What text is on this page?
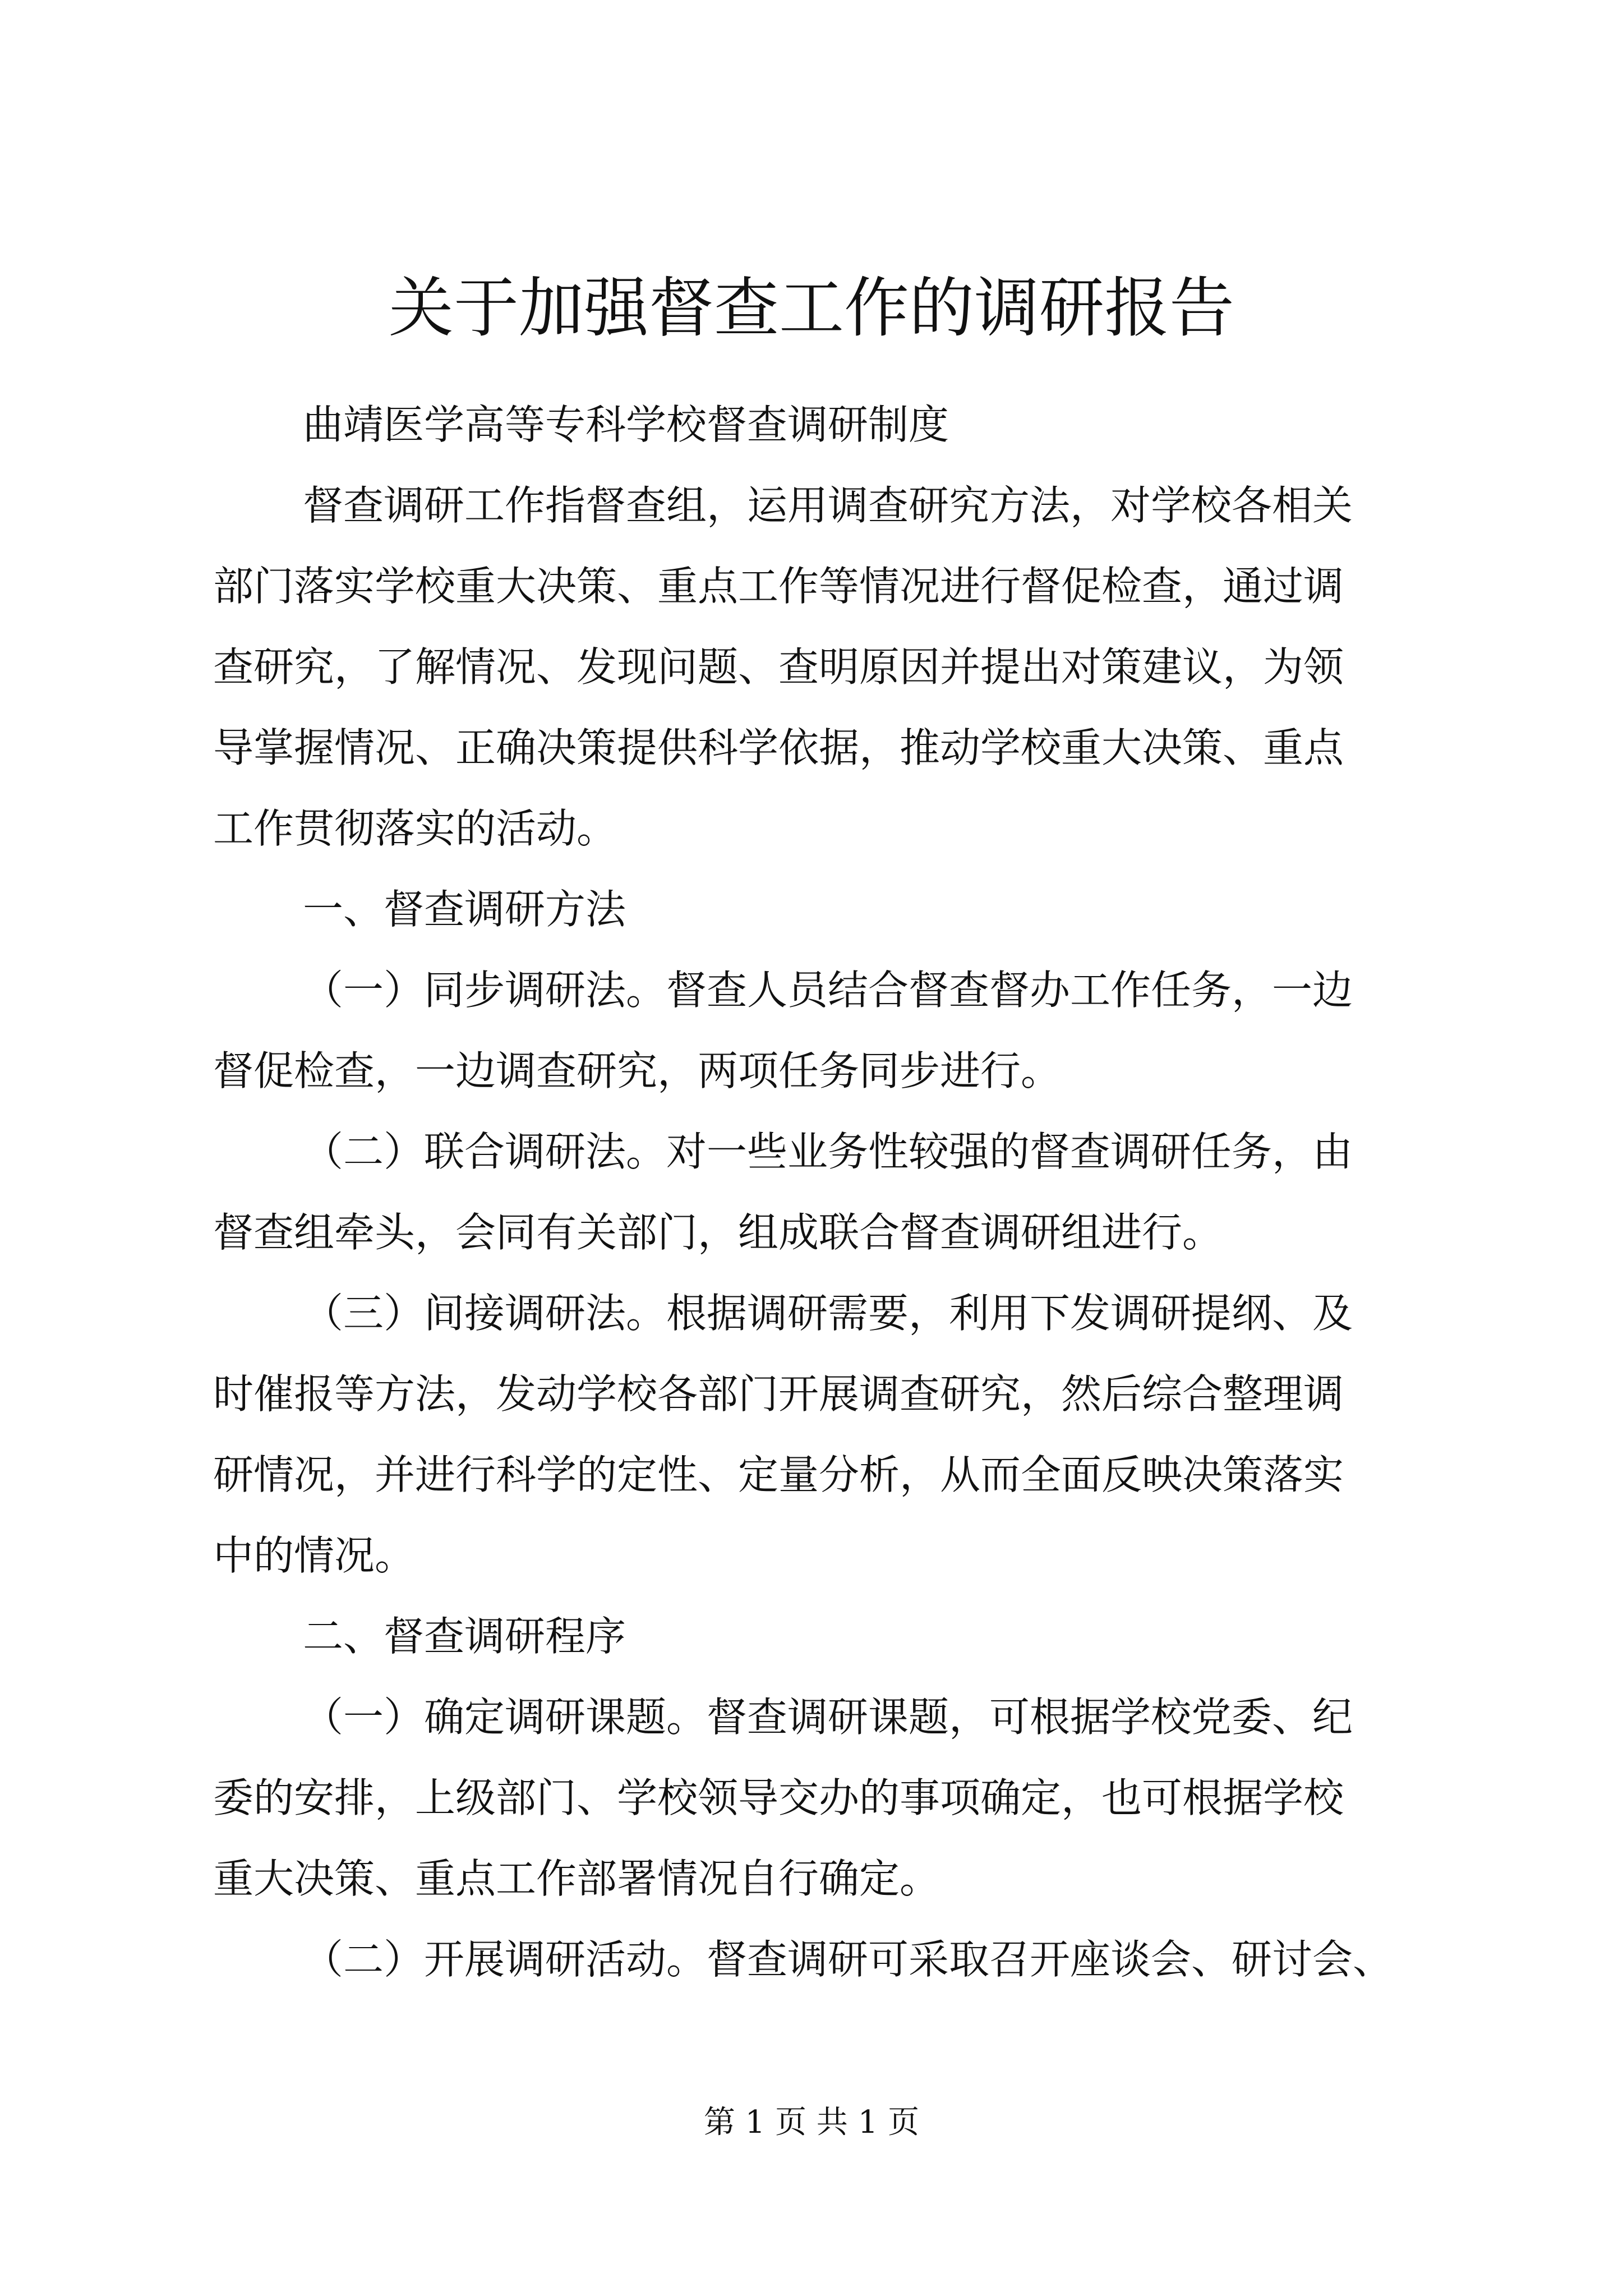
关于加强督查工作的调研报告

曲靖医学高等专科学校督查调研制度

督查调研工作指督查组，运用调查研究方法，对学校各相关

部门落实学校重大决策、重点工作等情况进行督促检查，通过调

查研究，了解情况、发现问题、查明原因并提出对策建议，为领

导掌握情况、正确决策提供科学依据，推动学校重大决策、重点

工作贯彻落实的活动。

一、督查调研方法

（一）同步调研法。督查人员结合督查督办工作任务，一边

督促检查，一边调查研究，两项任务同步进行。

（二）联合调研法。对一些业务性较强的督查调研任务，由

督查组牵头，会同有关部门，组成联合督查调研组进行。

（三）间接调研法。根据调研需要，利用下发调研提纲、及

时催报等方法，发动学校各部门开展调查研究，然后综合整理调

研情况，并进行科学的定性、定量分析，从而全面反映决策落实

中的情况。

二、督查调研程序

（一）确定调研课题。督查调研课题，可根据学校党委、纪

委的安排，上级部门、学校领导交办的事项确定，也可根据学校

重大决策、重点工作部署情况自行确定。

（二）开展调研活动。督查调研可采取召开座谈会、研讨会、

第 1 页 共 1 页
